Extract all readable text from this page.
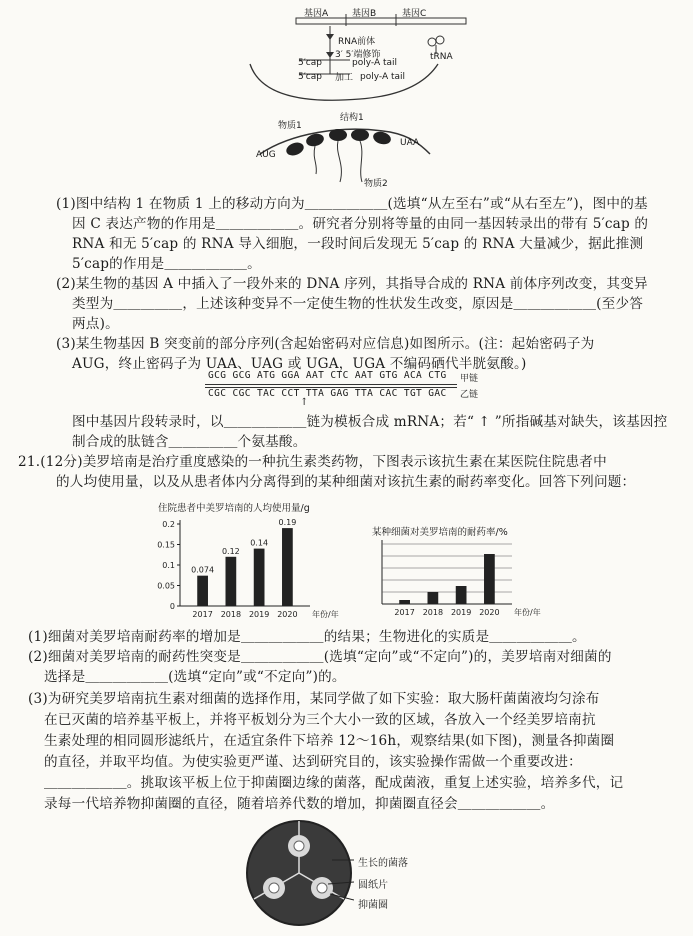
基因A	基因B	基因C
RNA前体
3′ 5′端修饰
poly-A tail
5′cap
加工 poly-A tail
5′cap
tRNA
结构1
物质1
AUG
UAA
物质2
(1)图中结构 1 在物质 1 上的移动方向为＿＿＿＿＿＿(选填“从左至右”或“从右至左”)，图中的基
因 C 表达产物的作用是＿＿＿＿＿＿。研究者分别将等量的由同一基因转录出的带有 5′cap 的
RNA 和无 5′cap 的 RNA 导入细胞，一段时间后发现无 5′cap 的 RNA 大量减少，据此推测
5′cap的作用是＿＿＿＿＿＿。
(2)某生物的基因 A 中插入了一段外来的 DNA 序列，其指导合成的 RNA 前体序列改变，其变异
类型为＿＿＿＿＿，上述该种变异不一定使生物的性状发生改变，原因是＿＿＿＿＿＿(至少答
两点)。
(3)某生物基因 B 突变前的部分序列(含起始密码对应信息)如图所示。(注：起始密码子为
AUG，终止密码子为 UAA、UAG 或 UGA，UGA 不编码硒代半胱氨酸。)
GCG GCG ATG GGA AAT CTC AAT GTG ACA CTG
CGC CGC TAC CCT TTA GAG TTA CAC TGT GAC
甲链
乙链
↑
图中基因片段转录时，以＿＿＿＿＿＿链为模板合成 mRNA；若“ ↑ ”所指碱基对缺失，该基因控
制合成的肽链含＿＿＿＿＿个氨基酸。
21.(12分)美罗培南是治疗重度感染的一种抗生素类药物，下图表示该抗生素在某医院住院患者中
的人均使用量，以及从患者体内分离得到的某种细菌对该抗生素的耐药率变化。回答下列问题：
住院患者中美罗培南的人均使用量/g
0
0.05
0.1
0.15
0.2
2017
0.074
2018
0.12
2019
0.14
2020
0.19
年份/年
某种细菌对美罗培南的耐药率/%
2017 2018 2019 2020 年份/年
(1)细菌对美罗培南耐药率的增加是＿＿＿＿＿＿的结果；生物进化的实质是＿＿＿＿＿＿。
(2)细菌对美罗培南的耐药性突变是＿＿＿＿＿＿(选填“定向”或“不定向”)的，美罗培南对细菌的
选择是＿＿＿＿＿＿(选填“定向”或“不定向”)的。
(3)为研究美罗培南抗生素对细菌的选择作用，某同学做了如下实验：取大肠杆菌菌液均匀涂布
在已灭菌的培养基平板上，并将平板划分为三个大小一致的区域，各放入一个经美罗培南抗
生素处理的相同圆形滤纸片，在适宜条件下培养 12～16h，观察结果(如下图)，测量各抑菌圈
的直径，并取平均值。为使实验更严谨、达到研究目的，该实验操作需做一个重要改进：
＿＿＿＿＿＿。挑取该平板上位于抑菌圈边缘的菌落，配成菌液，重复上述实验，培养多代，记
录每一代培养物抑菌圈的直径，随着培养代数的增加，抑菌圈直径会＿＿＿＿＿＿。
生长的菌落
圆纸片
抑菌圈
